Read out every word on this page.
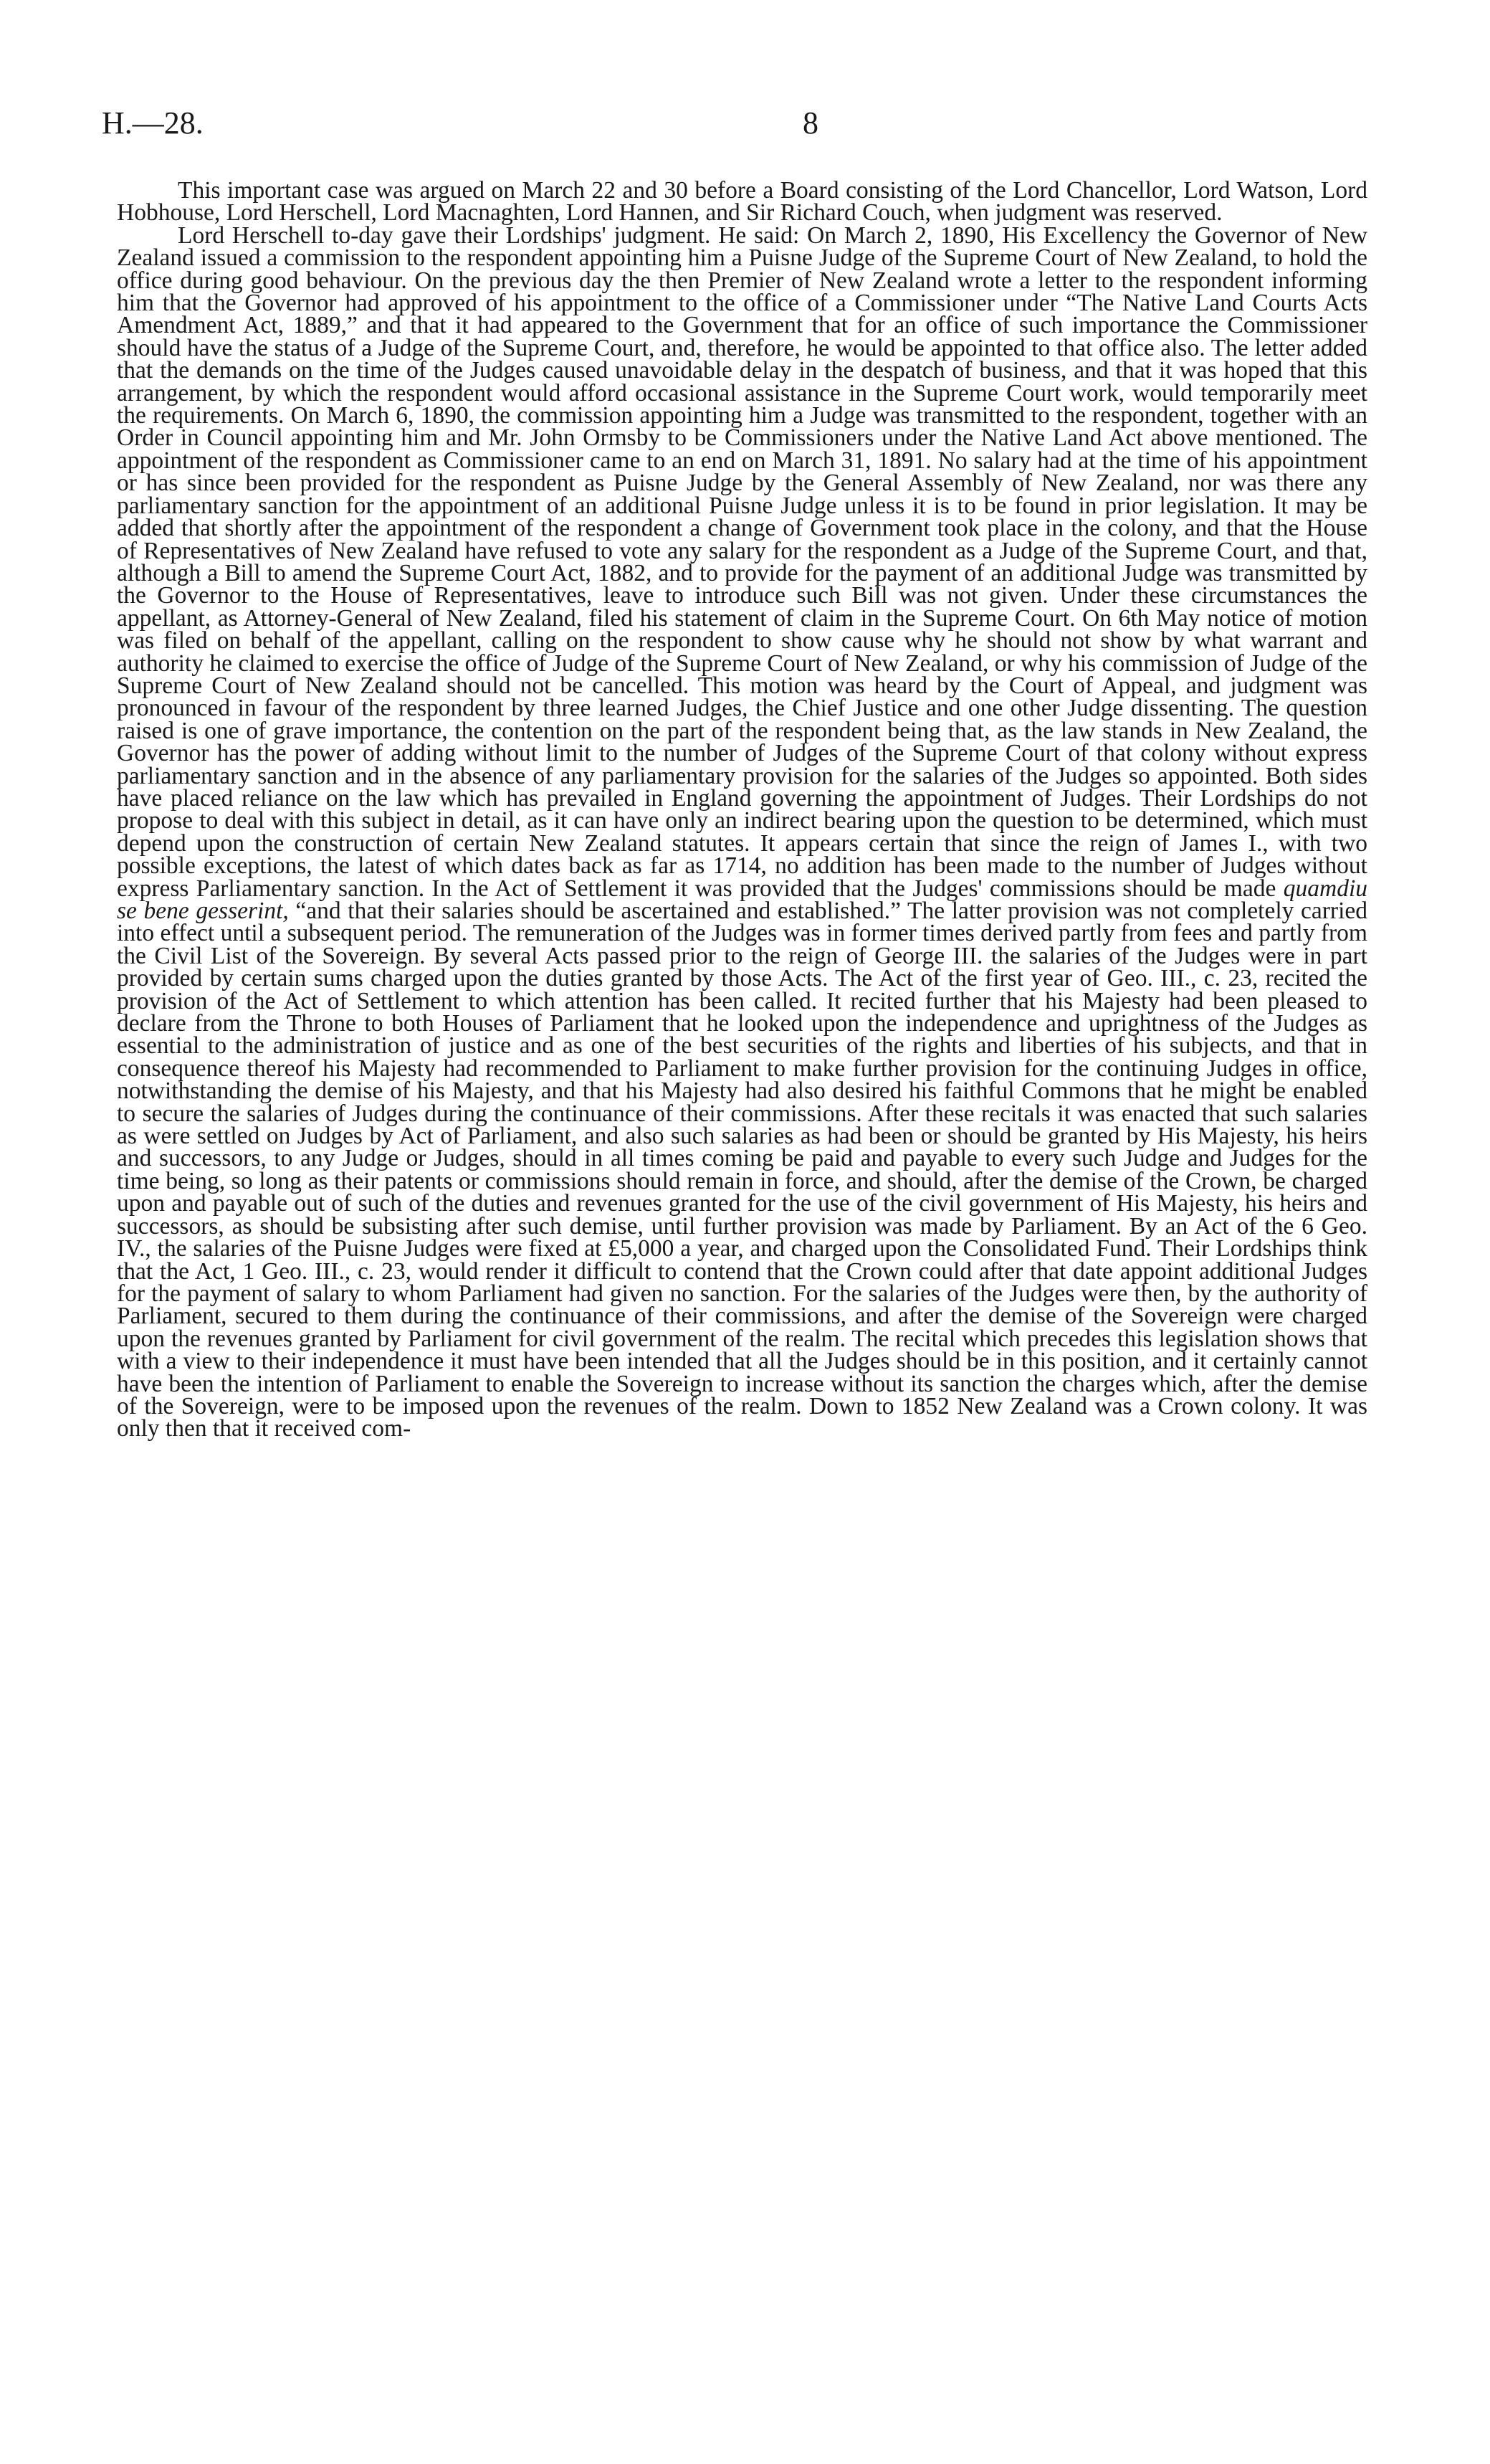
H.—28.	8

This important case was argued on March 22 and 30 before a Board consisting of the Lord Chancellor, Lord Watson, Lord Hobhouse, Lord Herschell, Lord Macnaghten, Lord Hannen, and Sir Richard Couch, when judgment was reserved.

Lord Herschell to-day gave their Lordships' judgment. He said: On March 2, 1890, His Excellency the Governor of New Zealand issued a commission to the respondent appointing him a Puisne Judge of the Supreme Court of New Zealand, to hold the office during good behaviour. On the previous day the then Premier of New Zealand wrote a letter to the respondent informing him that the Governor had approved of his appointment to the office of a Commissioner under “The Native Land Courts Acts Amendment Act, 1889,” and that it had appeared to the Government that for an office of such importance the Commissioner should have the status of a Judge of the Supreme Court, and, therefore, he would be appointed to that office also. The letter added that the demands on the time of the Judges caused unavoidable delay in the despatch of business, and that it was hoped that this arrangement, by which the respondent would afford occasional assistance in the Supreme Court work, would temporarily meet the requirements. On March 6, 1890, the commission appointing him a Judge was transmitted to the respondent, together with an Order in Council appointing him and Mr. John Ormsby to be Commissioners under the Native Land Act above mentioned. The appointment of the respondent as Commissioner came to an end on March 31, 1891. No salary had at the time of his appointment or has since been provided for the respondent as Puisne Judge by the General Assembly of New Zealand, nor was there any parliamentary sanction for the appointment of an additional Puisne Judge unless it is to be found in prior legislation. It may be added that shortly after the appointment of the respondent a change of Government took place in the colony, and that the House of Representatives of New Zealand have refused to vote any salary for the respondent as a Judge of the Supreme Court, and that, although a Bill to amend the Supreme Court Act, 1882, and to provide for the payment of an additional Judge was transmitted by the Governor to the House of Representatives, leave to introduce such Bill was not given. Under these circumstances the appellant, as Attorney-General of New Zealand, filed his statement of claim in the Supreme Court. On 6th May notice of motion was filed on behalf of the appellant, calling on the respondent to show cause why he should not show by what warrant and authority he claimed to exercise the office of Judge of the Supreme Court of New Zealand, or why his commission of Judge of the Supreme Court of New Zealand should not be cancelled. This motion was heard by the Court of Appeal, and judgment was pronounced in favour of the respondent by three learned Judges, the Chief Justice and one other Judge dissenting. The question raised is one of grave importance, the contention on the part of the respondent being that, as the law stands in New Zealand, the Governor has the power of adding without limit to the number of Judges of the Supreme Court of that colony without express parliamentary sanction and in the absence of any parliamentary provision for the salaries of the Judges so appointed. Both sides have placed reliance on the law which has prevailed in England governing the appointment of Judges. Their Lordships do not propose to deal with this subject in detail, as it can have only an indirect bearing upon the question to be determined, which must depend upon the construction of certain New Zealand statutes. It appears certain that since the reign of James I., with two possible exceptions, the latest of which dates back as far as 1714, no addition has been made to the number of Judges without express Parliamentary sanction. In the Act of Settlement it was provided that the Judges' commissions should be made quamdiu se bene gesserint, “and that their salaries should be ascertained and established.” The latter provision was not completely carried into effect until a subsequent period. The remuneration of the Judges was in former times derived partly from fees and partly from the Civil List of the Sovereign. By several Acts passed prior to the reign of George III. the salaries of the Judges were in part provided by certain sums charged upon the duties granted by those Acts. The Act of the first year of Geo. III., c. 23, recited the provision of the Act of Settlement to which attention has been called. It recited further that his Majesty had been pleased to declare from the Throne to both Houses of Parliament that he looked upon the independence and uprightness of the Judges as essential to the administration of justice and as one of the best securities of the rights and liberties of his subjects, and that in consequence thereof his Majesty had recommended to Parliament to make further provision for the continuing Judges in office, notwithstanding the demise of his Majesty, and that his Majesty had also desired his faithful Commons that he might be enabled to secure the salaries of Judges during the continuance of their commissions. After these recitals it was enacted that such salaries as were settled on Judges by Act of Parliament, and also such salaries as had been or should be granted by His Majesty, his heirs and successors, to any Judge or Judges, should in all times coming be paid and payable to every such Judge and Judges for the time being, so long as their patents or commissions should remain in force, and should, after the demise of the Crown, be charged upon and payable out of such of the duties and revenues granted for the use of the civil government of His Majesty, his heirs and successors, as should be subsisting after such demise, until further provision was made by Parliament. By an Act of the 6 Geo. IV., the salaries of the Puisne Judges were fixed at £5,000 a year, and charged upon the Consolidated Fund. Their Lordships think that the Act, 1 Geo. III., c. 23, would render it difficult to contend that the Crown could after that date appoint additional Judges for the payment of salary to whom Parliament had given no sanction. For the salaries of the Judges were then, by the authority of Parliament, secured to them during the continuance of their commissions, and after the demise of the Sovereign were charged upon the revenues granted by Parliament for civil government of the realm. The recital which precedes this legislation shows that with a view to their independence it must have been intended that all the Judges should be in this position, and it certainly cannot have been the intention of Parliament to enable the Sovereign to increase without its sanction the charges which, after the demise of the Sovereign, were to be imposed upon the revenues of the realm. Down to 1852 New Zealand was a Crown colony. It was only then that it received com-
